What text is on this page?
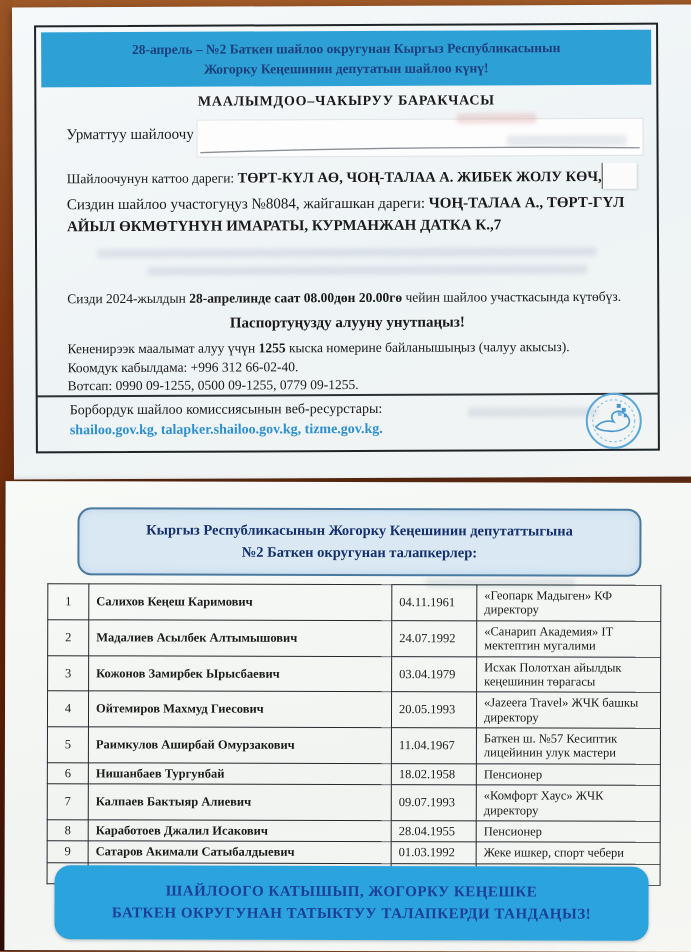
28-апрель – №2 Баткен шайлоо округунан Кыргыз Республикасынын
Жогорку Кеңешинин депутатын шайлоо күнү!
МААЛЫМДОО–ЧАКЫРУУ БАРАКЧАСЫ
Урматтуу шайлоочу
Шайлоочунун каттоо дареги: ТӨРТ-КҮЛ АӨ, ЧОҢ-ТАЛАА А. ЖИБЕК ЖОЛУ КӨЧ,
Сиздин шайлоо участогуңуз №8084, жайгашкан дареги: ЧОҢ-ТАЛАА А., ТӨРТ-ГҮЛ АЙЫЛ ӨКМӨТҮНҮН ИМАРАТЫ, КУРМАНЖАН ДАТКА К.,7
Сизди 2024-жылдын 28-апрелинде саат 08.00дөн 20.00гө чейин шайлоо участкасында күтөбүз.
Паспортуңузду алууну унутпаңыз!
Кененирээк маалымат алуу үчүн 1255 кыска номерине байланышыңыз (чалуу акысыз).
Коомдук кабылдама: +996 312 66-02-40.
Вотсап: 0990 09-1255, 0500 09-1255, 0779 09-1255.
Борбордук шайлоо комиссиясынын веб-ресурстары:
shailoo.gov.kg, talapker.shailoo.gov.kg, tizme.gov.kg.
Кыргыз Республикасынын Жогорку Кеңешинин депутаттыгына
№2 Баткен округунан талапкерлер:
1	Салихов Кеңеш Каримович	04.11.1961	«Геопарк Мадыген» КФ директору
2	Мадалиев Асылбек Алтымышович	24.07.1992	«Санарип Академия» IT мектептин мугалими
3	Кожонов Замирбек Ырысбаевич	03.04.1979	Исхак Полотхан айылдык кеңешинин төрагасы
4	Ойтемиров Махмуд Гиесович	20.05.1993	«Jazeera Travel» ЖЧК башкы директору
5	Раимкулов Аширбай Омурзакович	11.04.1967	Баткен ш. №57 Кесиптик лицейинин улук мастери
6	Нишанбаев Тургунбай	18.02.1958	Пенсионер
7	Калпаев Бактыяр Алиевич	09.07.1993	«Комфорт Хаус» ЖЧК директору
8	Каработоев Джалил Исакович	28.04.1955	Пенсионер
9	Сатаров Акимали Сатыбалдыевич	01.03.1992	Жеке ишкер, спорт чебери

ШАЙЛООГО КАТЫШЫП, ЖОГОРКУ КЕҢЕШКЕ
БАТКЕН ОКРУГУНАН ТАТЫКТУУ ТАЛАПКЕРДИ ТАНДАҢЫЗ!
